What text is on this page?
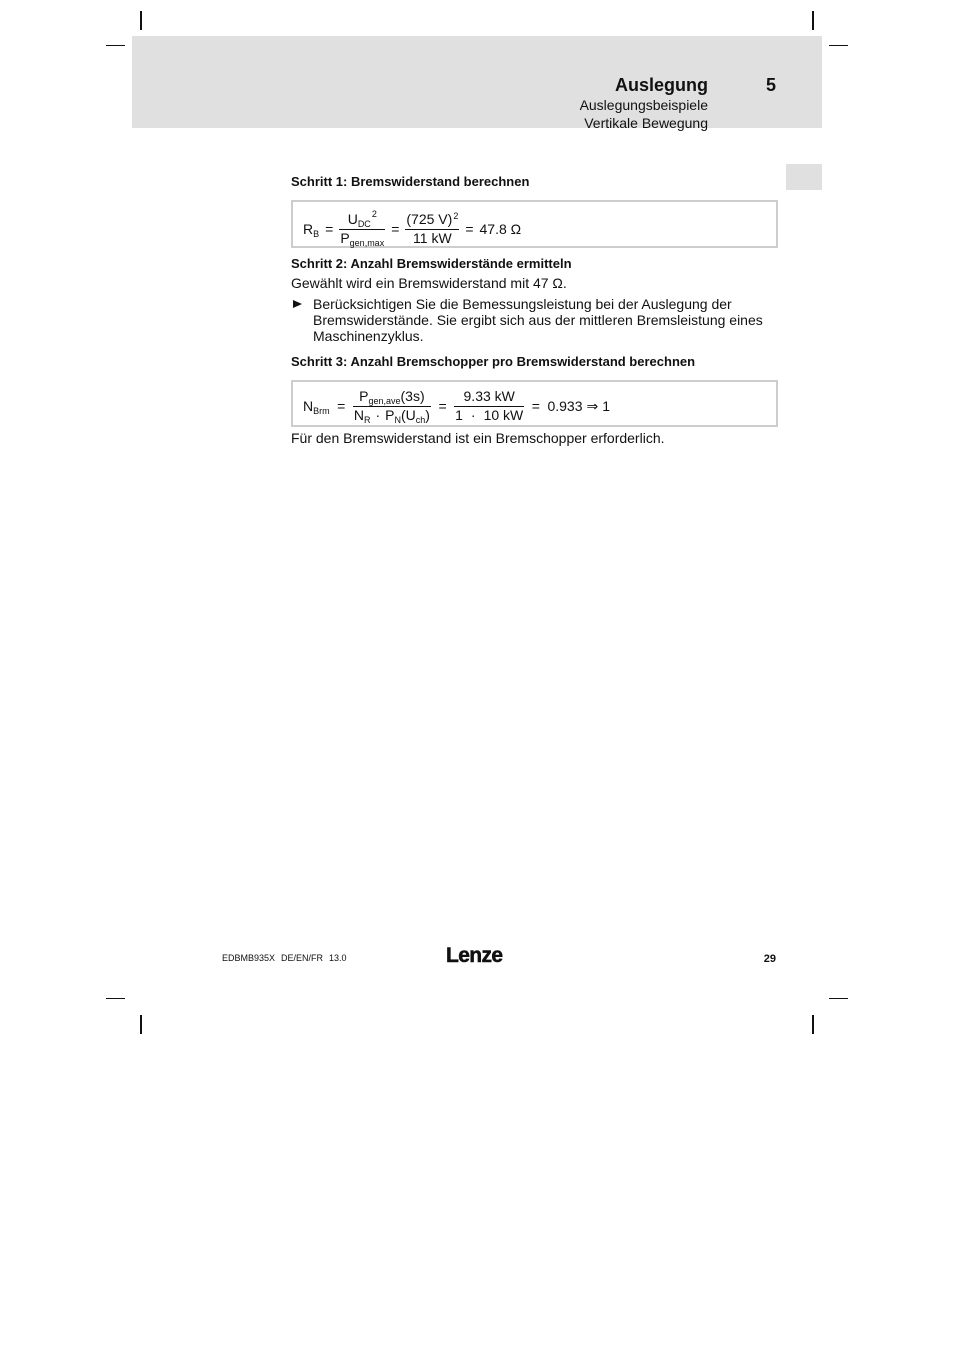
Auslegung	5
Auslegungsbeispiele
Vertikale Bewegung
Schritt 1: Bremswiderstand berechnen
$R_B = \frac{U_{DC}^2}{P_{gen,max}} = \frac{(725 V)^2}{11 kW} = 47.8$ Ω
Schritt 2: Anzahl Bremswiderstände ermitteln
Gewählt wird ein Bremswiderstand mit 47 Ω.
Berücksichtigen Sie die Bemessungsleistung bei der Auslegung der
Bremswiderstände. Sie ergibt sich aus der mittleren Bremsleistung eines
Maschinenzyklus.
Schritt 3: Anzahl Bremschopper pro Bremswiderstand berechnen
$N_{Brm} = \frac{P_{gen,ave}(3s)}{N_R \cdot P_N(U_{ch})} = \frac{9.33 kW}{1 \cdot 10 kW} = 0.933$ ⇒ 1
Für den Bremswiderstand ist ein Bremschopper erforderlich.
EDBMB935X DE/EN/FR 13.0	Lenze	29
